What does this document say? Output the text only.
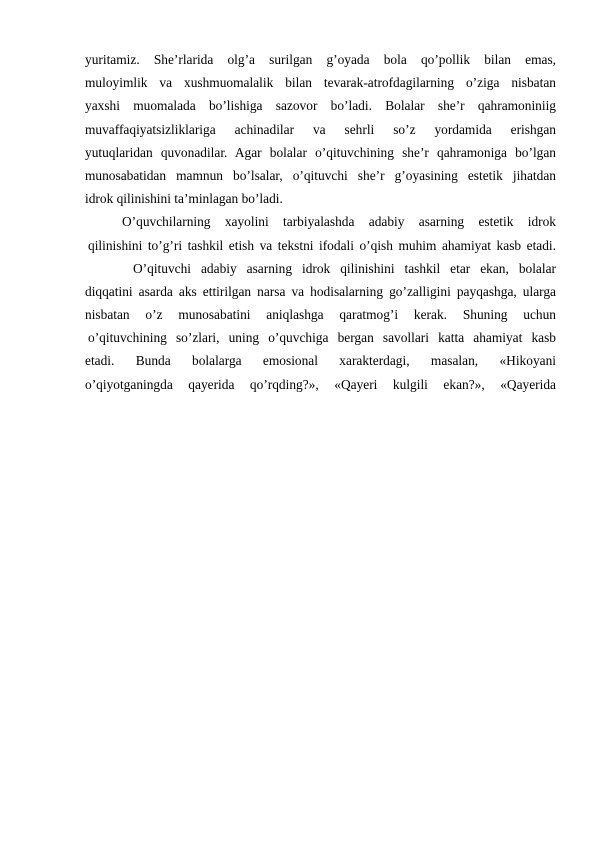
yuritamiz. She’rlarida olg’a surilgan g’oyada bola qo’pollik bilan emas,
muloyimlik va xushmuomalalik bilan tevarak-atrofdagilarning o’ziga nisbatan
yaxshi muomalada bo’lishiga sazovor bo’ladi. Bolalar she’r qahramoniniig
muvaffaqiyatsizliklariga achinadilar va sehrli so’z yordamida erishgan
yutuqlaridan quvonadilar. Agar bolalar o’qituvchining she’r qahramoniga bo’lgan
munosabatidan mamnun bo’lsalar, o’qituvchi she’r g’oyasining estetik jihatdan
idrok qilinishini ta’minlagan bo’ladi.
O’quvchilarning xayolini tarbiyalashda adabiy asarning estetik idrok
qilinishini to’g’ri tashkil etish va tekstni ifodali o’qish muhim ahamiyat kasb etadi.
O’qituvchi adabiy asarning idrok qilinishini tashkil etar ekan, bolalar
diqqatini asarda aks ettirilgan narsa va hodisalarning go’zalligini payqashga, ularga
nisbatan o’z munosabatini aniqlashga qaratmog’i kerak. Shuning uchun
o’qituvchining so’zlari, uning o’quvchiga bergan savollari katta ahamiyat kasb
etadi. Bunda bolalarga emosional xarakterdagi, masalan, «Hikoyani
o’qiyotganingda qayerida qo’rqding?», «Qayeri kulgili ekan?», «Qayerida
